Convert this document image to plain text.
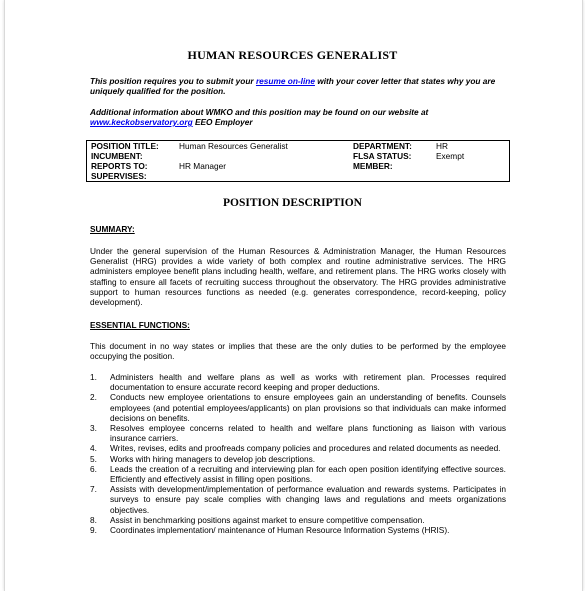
HUMAN RESOURCES GENERALIST
This position requires you to submit your resume on-line with your cover letter that states why you are uniquely qualified for the position.
Additional information about WMKO and this position may be found on our website at
www.keckobservatory.org EEO Employer
POSITION TITLE:	Human Resources Generalist	DEPARTMENT:	HR
INCUMBENT:		FLSA STATUS:	Exempt
REPORTS TO:	HR Manager	MEMBER:	
SUPERVISES:			
POSITION DESCRIPTION
SUMMARY:
Under the general supervision of the Human Resources & Administration Manager, the Human Resources Generalist (HRG) provides a wide variety of both complex and routine administrative services. The HRG administers employee benefit plans including health, welfare, and retirement plans. The HRG works closely with staffing to ensure all facets of recruiting success throughout the observatory. The HRG provides administrative support to human resources functions as needed (e.g. generates correspondence, record-keeping, policy development).
ESSENTIAL FUNCTIONS:
This document in no way states or implies that these are the only duties to be performed by the employee occupying the position.
1. Administers health and welfare plans as well as works with retirement plan. Processes required documentation to ensure accurate record keeping and proper deductions.
2. Conducts new employee orientations to ensure employees gain an understanding of benefits. Counsels employees (and potential employees/applicants) on plan provisions so that individuals can make informed decisions on benefits.
3. Resolves employee concerns related to health and welfare plans functioning as liaison with various insurance carriers.
4. Writes, revises, edits and proofreads company policies and procedures and related documents as needed.
5. Works with hiring managers to develop job descriptions.
6. Leads the creation of a recruiting and interviewing plan for each open position identifying effective sources. Efficiently and effectively assist in filling open positions.
7. Assists with development/implementation of performance evaluation and rewards systems. Participates in surveys to ensure pay scale complies with changing laws and regulations and meets organizations objectives.
8. Assist in benchmarking positions against market to ensure competitive compensation.
9. Coordinates implementation/ maintenance of Human Resource Information Systems (HRIS).
